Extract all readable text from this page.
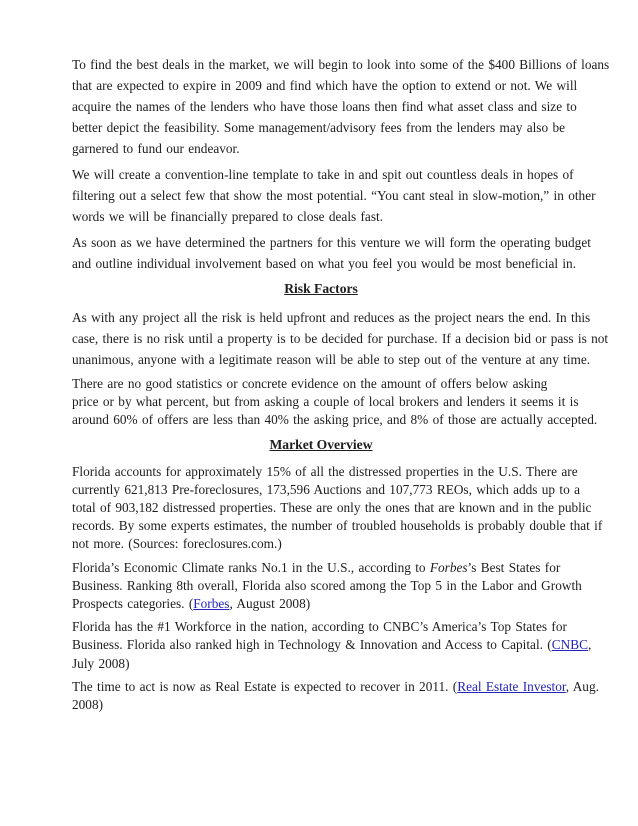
To find the best deals in the market, we will begin to look into some of the $400 Billions of loans
that are expected to expire in 2009 and find which have the option to extend or not. We will
acquire the names of the lenders who have those loans then find what asset class and size to
better depict the feasibility. Some management/advisory fees from the lenders may also be
garnered to fund our endeavor.
We will create a convention-line template to take in and spit out countless deals in hopes of
filtering out a select few that show the most potential. “You cant steal in slow-motion,” in other
words we will be financially prepared to close deals fast.
As soon as we have determined the partners for this venture we will form the operating budget
and outline individual involvement based on what you feel you would be most beneficial in.
Risk Factors
As with any project all the risk is held upfront and reduces as the project nears the end. In this
case, there is no risk until a property is to be decided for purchase. If a decision bid or pass is not
unanimous, anyone with a legitimate reason will be able to step out of the venture at any time.
There are no good statistics or concrete evidence on the amount of offers below asking
price or by what percent, but from asking a couple of local brokers and lenders it seems it is
around 60% of offers are less than 40% the asking price, and 8% of those are actually accepted.
Market Overview
Florida accounts for approximately 15% of all the distressed properties in the U.S. There are
currently 621,813 Pre-foreclosures, 173,596 Auctions and 107,773 REOs, which adds up to a
total of 903,182 distressed properties. These are only the ones that are known and in the public
records. By some experts estimates, the number of troubled households is probably double that if
not more. (Sources: foreclosures.com.)
Florida’s Economic Climate ranks No.1 in the U.S., according to Forbes’s Best States for
Business. Ranking 8th overall, Florida also scored among the Top 5 in the Labor and Growth
Prospects categories. (Forbes, August 2008)
Florida has the #1 Workforce in the nation, according to CNBC’s America’s Top States for
Business. Florida also ranked high in Technology & Innovation and Access to Capital. (CNBC,
July 2008)
The time to act is now as Real Estate is expected to recover in 2011. (Real Estate Investor, Aug.
2008)
